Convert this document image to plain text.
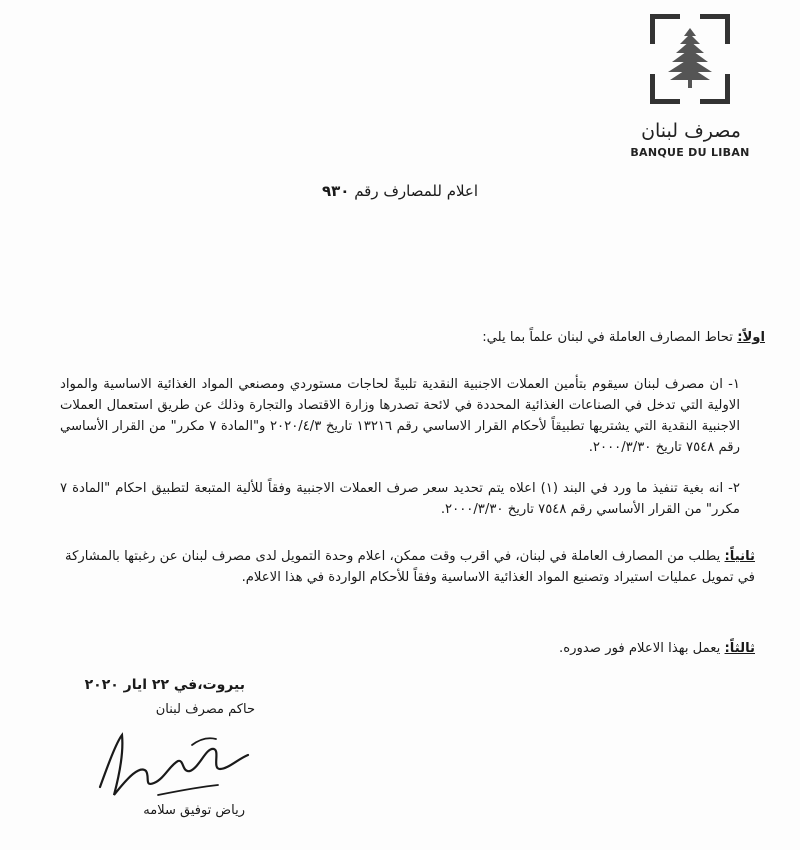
مصرف لبنان
BANQUE DU LIBAN
اعلام للمصارف رقم ٩٣٠
اولاً: تحاط المصارف العاملة في لبنان علماً بما يلي:
١- ان مصرف لبنان سيقوم بتأمين العملات الاجنبية النقدية تلبيةً لحاجات مستوردي ومصنعي المواد الغذائية الاساسية والمواد الاولية التي تدخل في الصناعات الغذائية المحددة في لائحة تصدرها وزارة الاقتصاد والتجارة وذلك عن طريق استعمال العملات الاجنبية النقدية التي يشتريها تطبيقاً لأحكام القرار الاساسي رقم ١٣٢١٦ تاريخ ٢٠٢٠/٤/٣ و"المادة ٧ مكرر" من القرار الأساسي رقم ٧٥٤٨ تاريخ ٢٠٠٠/٣/٣٠.
٢- انه بغية تنفيذ ما ورد في البند (١) اعلاه يتم تحديد سعر صرف العملات الاجنبية وفقاً للألية المتبعة لتطبيق احكام "المادة ٧ مكرر" من القرار الأساسي رقم ٧٥٤٨ تاريخ ٢٠٠٠/٣/٣٠.
ثانياً: يطلب من المصارف العاملة في لبنان، في اقرب وقت ممكن، اعلام وحدة التمويل لدى مصرف لبنان عن رغبتها بالمشاركة في تمويل عمليات استيراد وتصنيع المواد الغذائية الاساسية وفقاً للأحكام الواردة في هذا الاعلام.
ثالثاً: يعمل بهذا الاعلام فور صدوره.
بيروت،في ٢٢ ايار ٢٠٢٠
حاكم مصرف لبنان
رياض توفيق سلامه
